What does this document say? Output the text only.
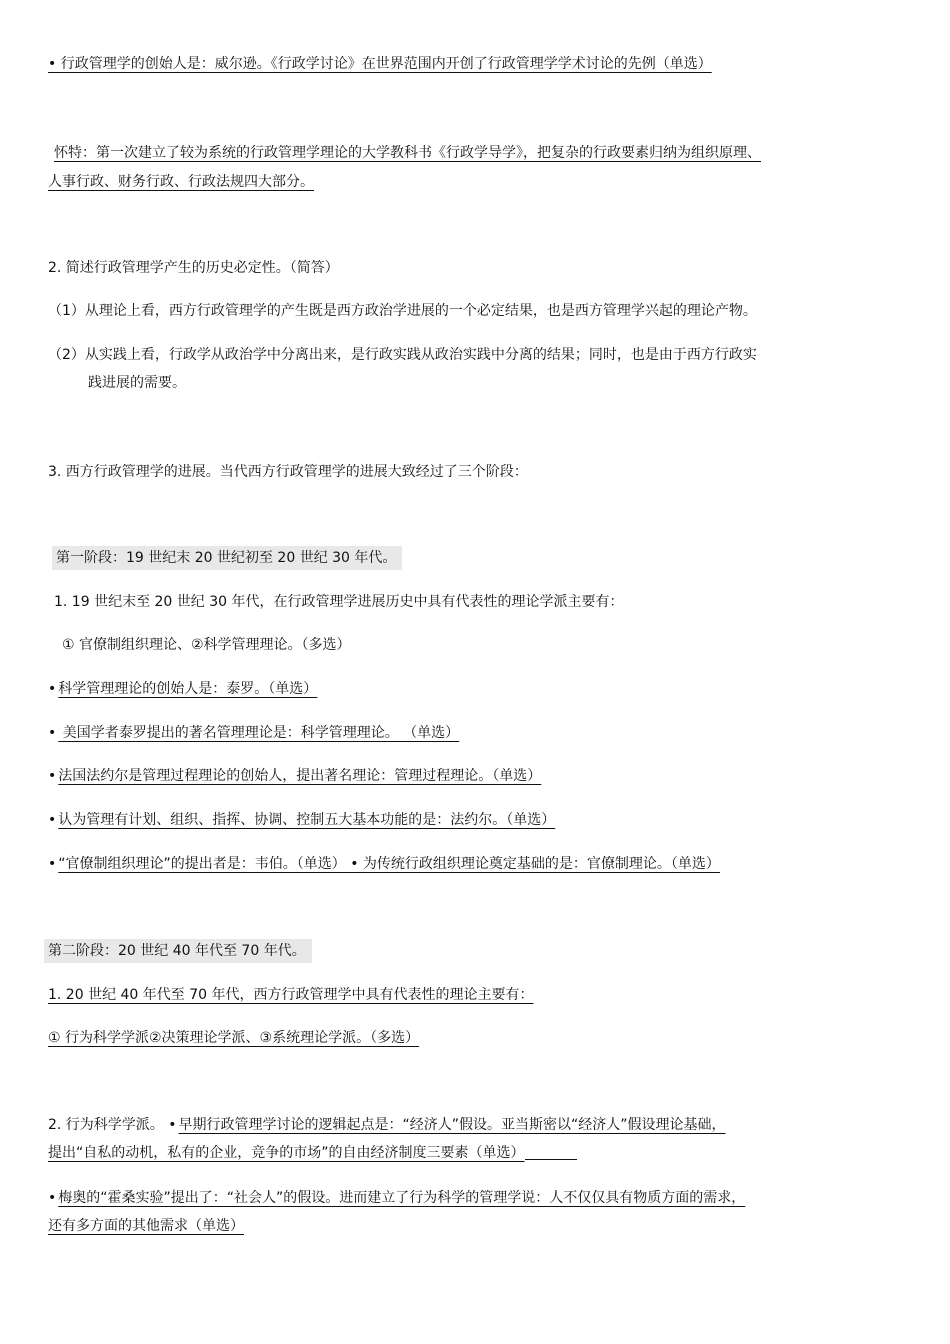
• 行政管理学的创始人是：威尔逊。《行政学讨论》在世界范围内开创了行政管理学学术讨论的先例（单选）
怀特：第一次建立了较为系统的行政管理学理论的大学教科书《行政学导学》，把复杂的行政要素归纳为组织原理、
人事行政、财务行政、行政法规四大部分。
2. 简述行政管理学产生的历史必定性。（简答）
（1）从理论上看，西方行政管理学的产生既是西方政治学进展的一个必定结果，也是西方管理学兴起的理论产物。
（2）从实践上看，行政学从政治学中分离出来，是行政实践从政治实践中分离的结果；同时，也是由于西方行政实
践进展的需要。
3. 西方行政管理学的进展。当代西方行政管理学的进展大致经过了三个阶段：
第一阶段：19 世纪末 20 世纪初至 20 世纪 30 年代。
1. 19 世纪末至 20 世纪 30 年代，在行政管理学进展历史中具有代表性的理论学派主要有：
① 官僚制组织理论、②科学管理理论。（多选）
• 科学管理理论的创始人是：泰罗。（单选）
• 美国学者泰罗提出的著名管理理论是：科学管理理论。 （单选）
• 法国法约尔是管理过程理论的创始人，提出著名理论：管理过程理论。（单选）
• 认为管理有计划、组织、指挥、协调、控制五大基本功能的是：法约尔。（单选）
• “官僚制组织理论”的提出者是：韦伯。（单选） • 为传统行政组织理论奠定基础的是：官僚制理论。（单选）
第二阶段：20 世纪 40 年代至 70 年代。
1. 20 世纪 40 年代至 70 年代，西方行政管理学中具有代表性的理论主要有：
① 行为科学学派②决策理论学派、③系统理论学派。（多选）
2. 行为科学学派。 • 早期行政管理学讨论的逻辑起点是：“经济人”假设。亚当斯密以“经济人”假设理论基础，
提出“自私的动机，私有的企业，竞争的市场”的自由经济制度三要素（单选）
• 梅奥的“霍桑实验”提出了：“社会人”的假设。进而建立了行为科学的管理学说：人不仅仅具有物质方面的需求，
还有多方面的其他需求（单选）
